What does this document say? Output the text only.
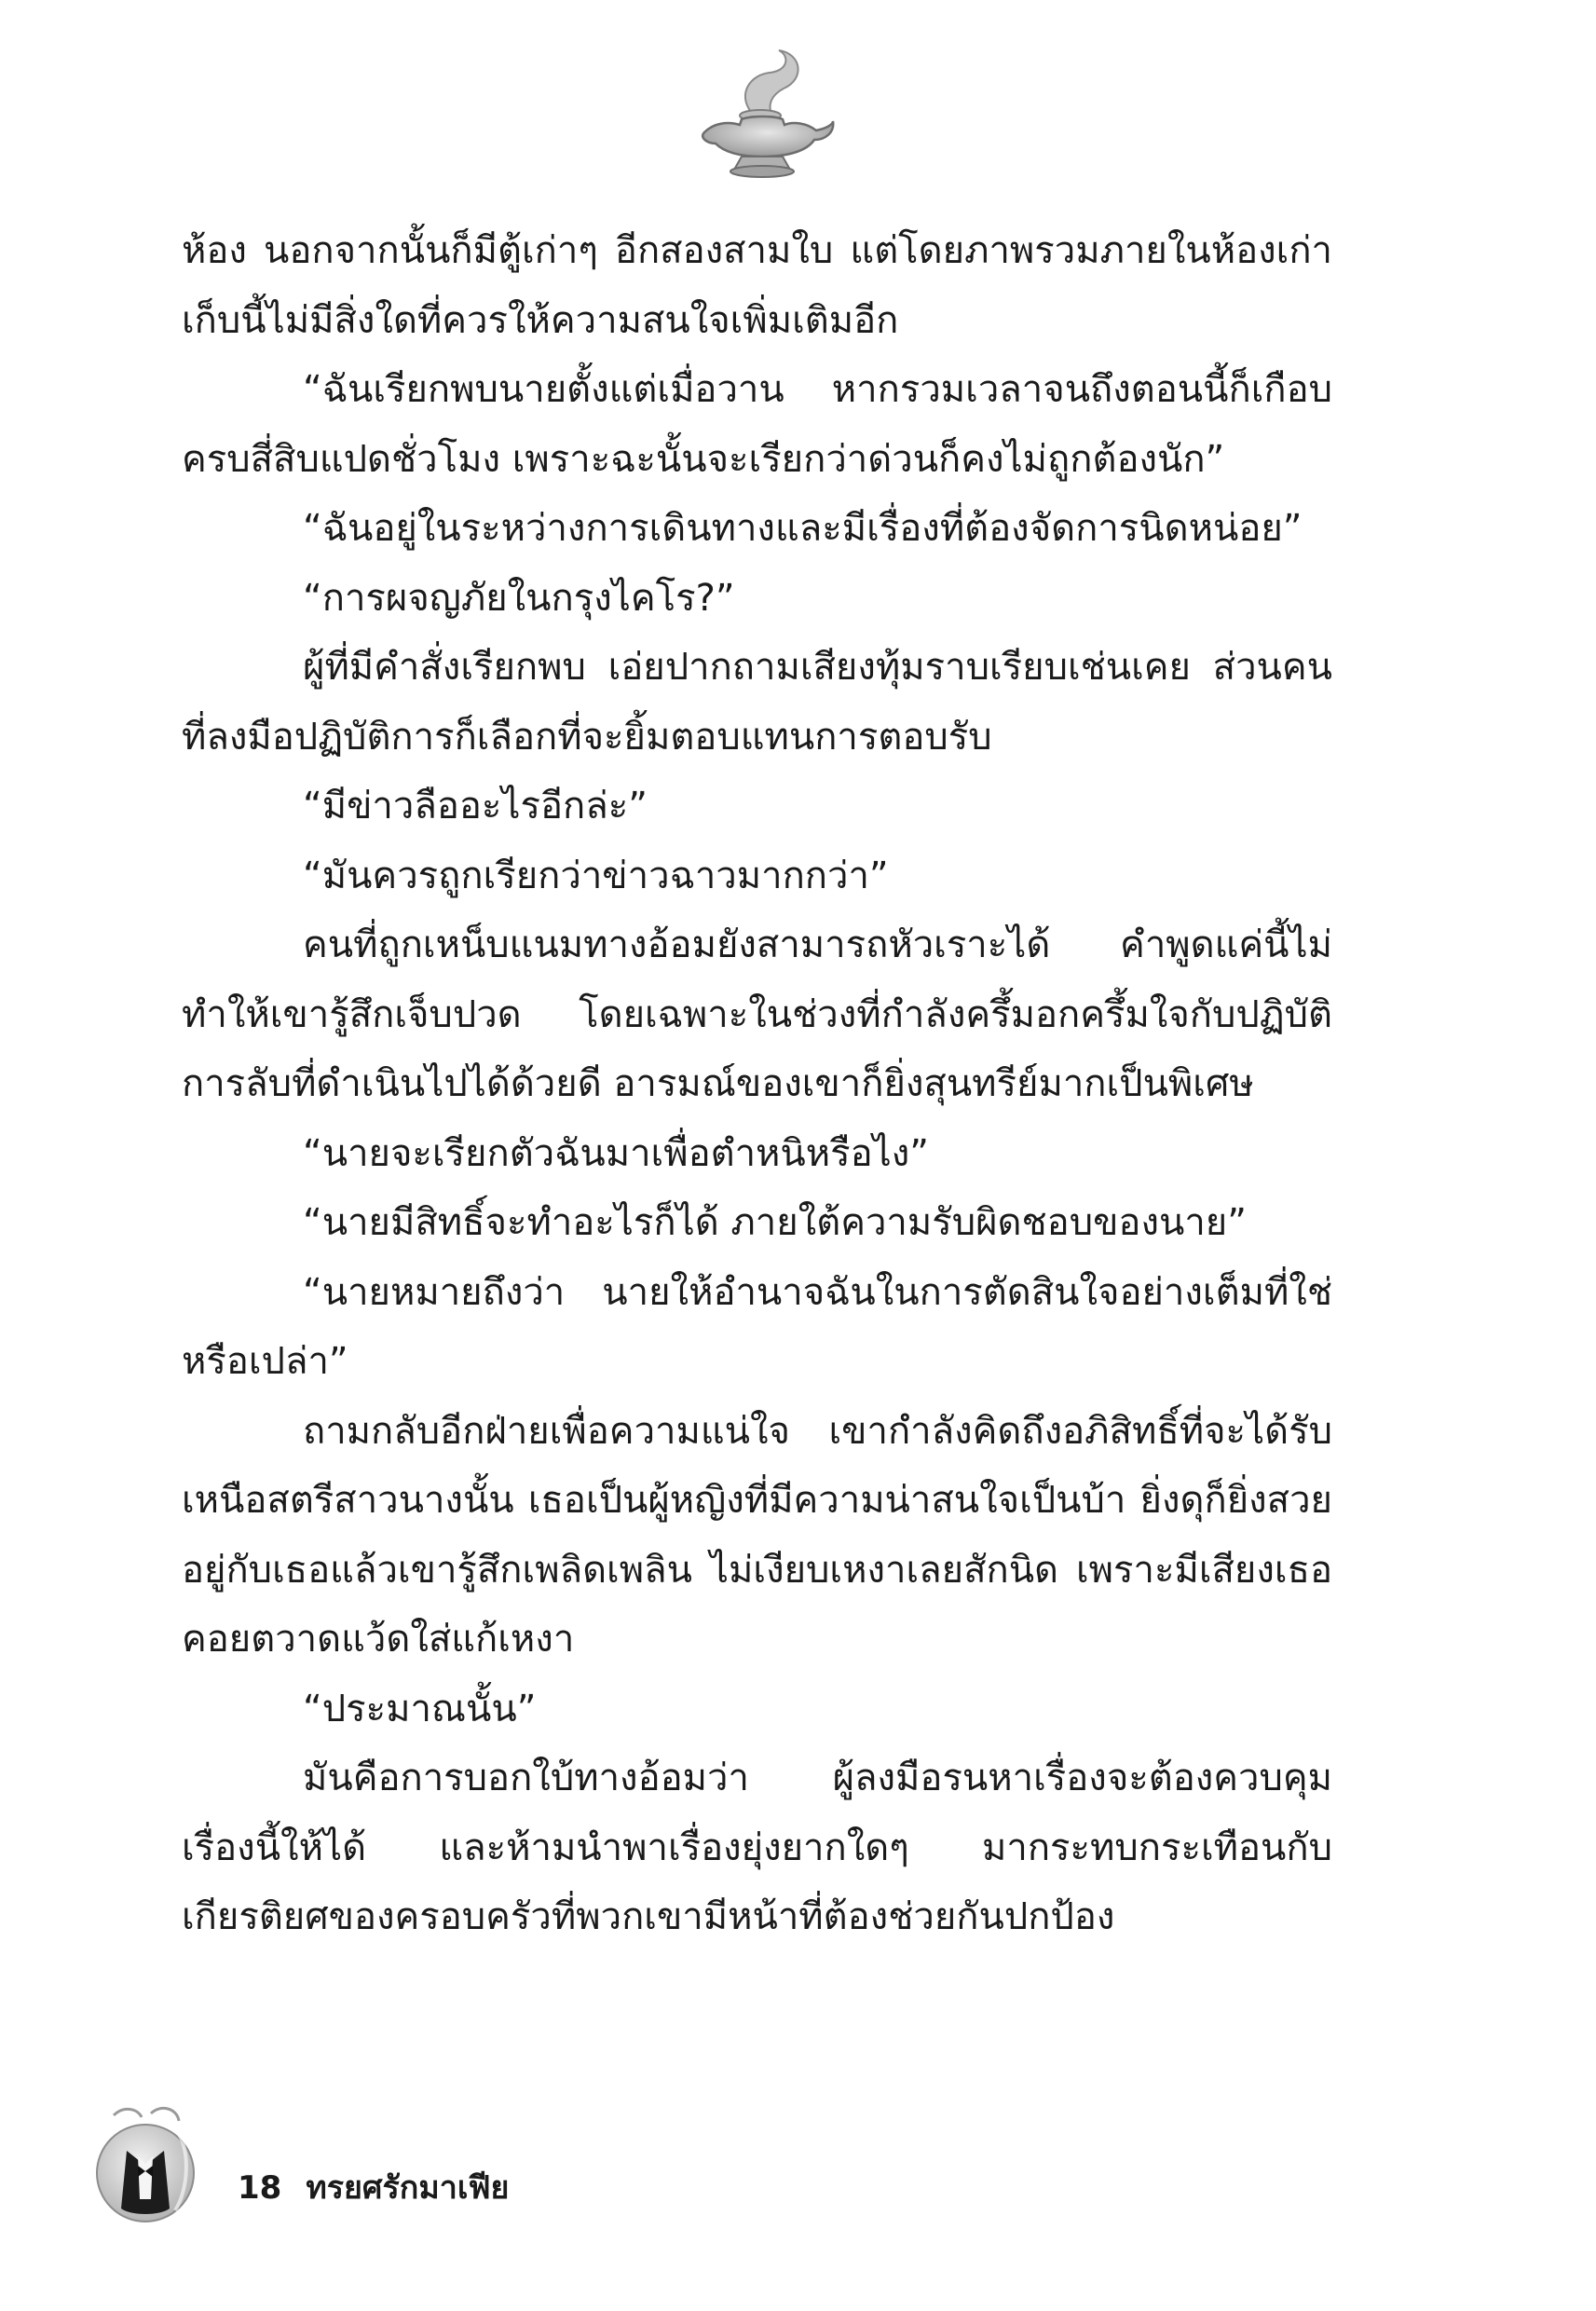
ห้อง นอกจากนั้นก็มีตู้เก่าๆ อีกสองสามใบ แต่โดยภาพรวมภายในห้องเก่าเก็บนี้ไม่มีสิ่งใดที่ควรให้ความสนใจเพิ่มเติมอีก

“ฉันเรียกพบนายตั้งแต่เมื่อวาน หากรวมเวลาจนถึงตอนนี้ก็เกือบครบสี่สิบแปดชั่วโมง เพราะฉะนั้นจะเรียกว่าด่วนก็คงไม่ถูกต้องนัก”

“ฉันอยู่ในระหว่างการเดินทางและมีเรื่องที่ต้องจัดการนิดหน่อย”

“การผจญภัยในกรุงไคโร?”

ผู้ที่มีคำสั่งเรียกพบ เอ่ยปากถามเสียงทุ้มราบเรียบเช่นเคย ส่วนคนที่ลงมือปฏิบัติการก็เลือกที่จะยิ้มตอบแทนการตอบรับ

“มีข่าวลืออะไรอีกล่ะ”

“มันควรถูกเรียกว่าข่าวฉาวมากกว่า”

คนที่ถูกเหน็บแนมทางอ้อมยังสามารถหัวเราะได้ คำพูดแค่นี้ไม่ทำให้เขารู้สึกเจ็บปวด โดยเฉพาะในช่วงที่กำลังครึ้มอกครึ้มใจกับปฏิบัติการลับที่ดำเนินไปได้ด้วยดี อารมณ์ของเขาก็ยิ่งสุนทรีย์มากเป็นพิเศษ

“นายจะเรียกตัวฉันมาเพื่อตำหนิหรือไง”

“นายมีสิทธิ์จะทำอะไรก็ได้ ภายใต้ความรับผิดชอบของนาย”

“นายหมายถึงว่า นายให้อำนาจฉันในการตัดสินใจอย่างเต็มที่ใช่หรือเปล่า”

ถามกลับอีกฝ่ายเพื่อความแน่ใจ เขากำลังคิดถึงอภิสิทธิ์ที่จะได้รับเหนือสตรีสาวนางนั้น เธอเป็นผู้หญิงที่มีความน่าสนใจเป็นบ้า ยิ่งดุก็ยิ่งสวย อยู่กับเธอแล้วเขารู้สึกเพลิดเพลิน ไม่เงียบเหงาเลยสักนิด เพราะมีเสียงเธอคอยตวาดแว้ดใส่แก้เหงา

“ประมาณนั้น”

มันคือการบอกใบ้ทางอ้อมว่า ผู้ลงมือรนหาเรื่องจะต้องควบคุมเรื่องนี้ให้ได้ และห้ามนำพาเรื่องยุ่งยากใดๆ มากระทบกระเทือนกับเกียรติยศของครอบครัวที่พวกเขามีหน้าที่ต้องช่วยกันปกป้อง

18 ทรยศรักมาเฟีย
